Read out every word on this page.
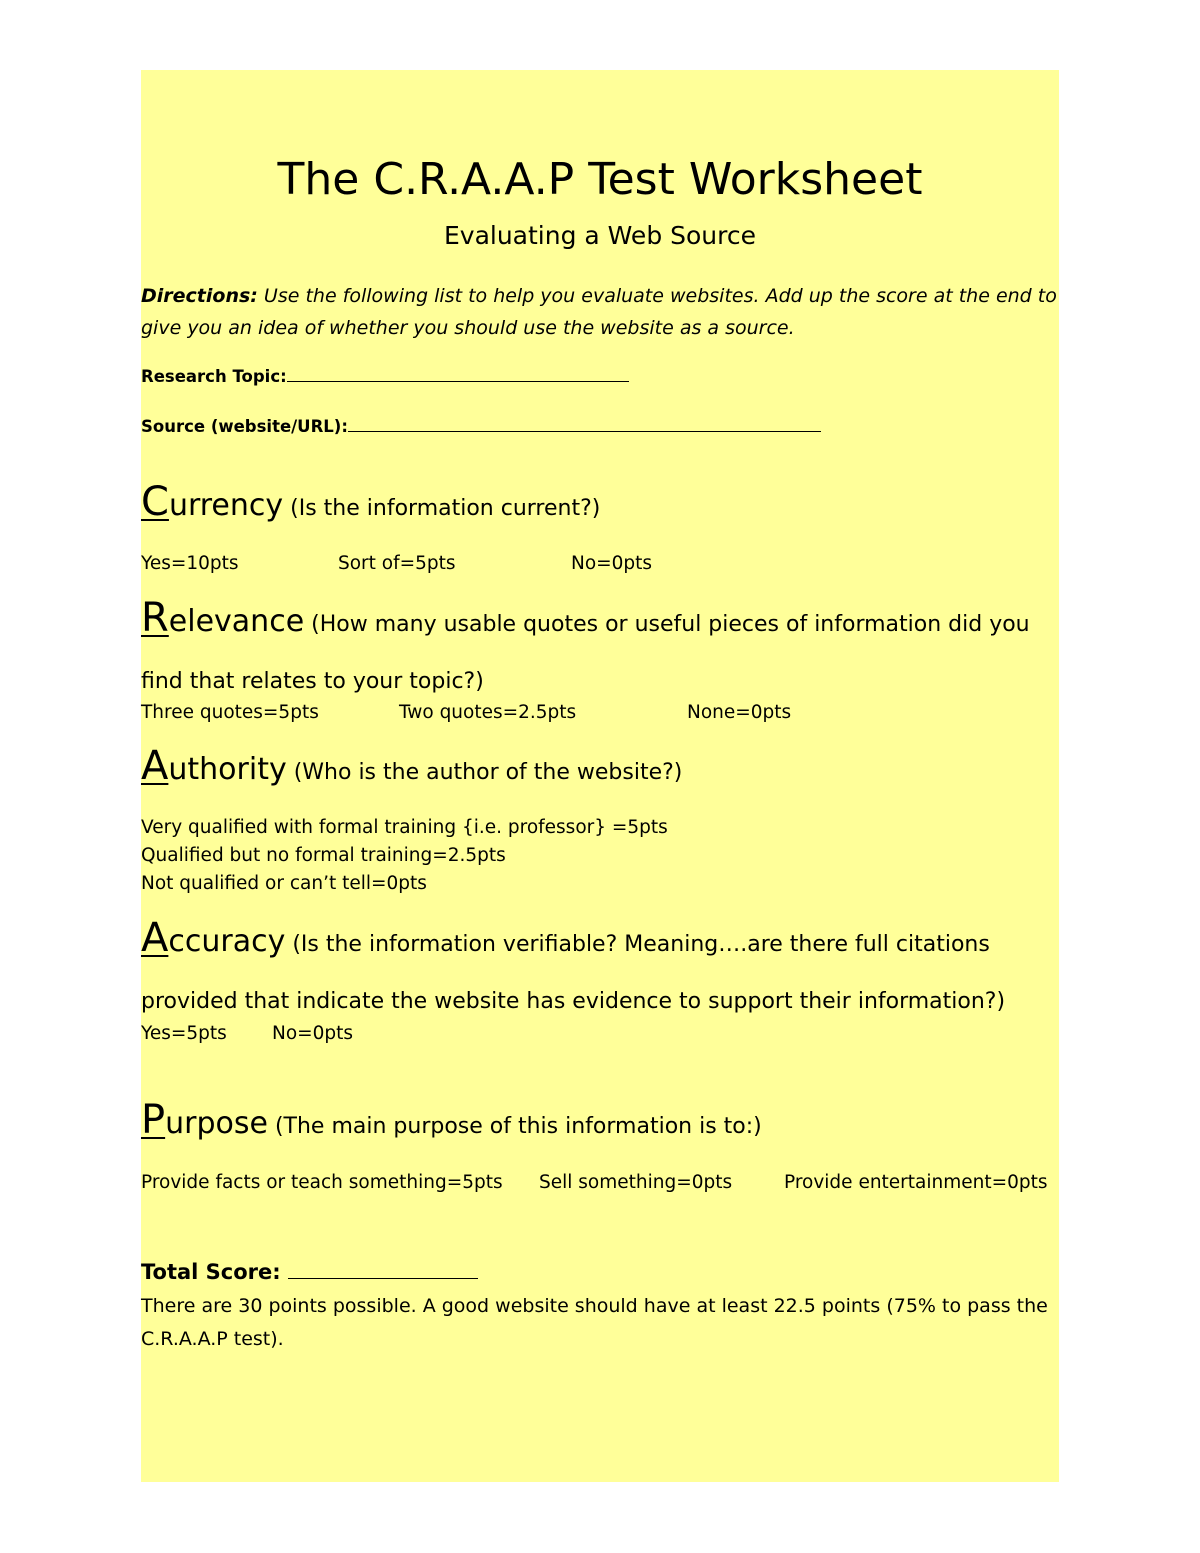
The C.R.A.A.P Test Worksheet
Evaluating a Web Source
Directions: Use the following list to help you evaluate websites. Add up the score at the end to give you an idea of whether you should use the website as a source.
Research Topic:
Source (website/URL):
Currency (Is the information current?)
Yes=10pts	Sort of=5pts	No=0pts
Relevance (How many usable quotes or useful pieces of information did you
find that relates to your topic?)
Three quotes=5pts	Two quotes=2.5pts	None=0pts
Authority (Who is the author of the website?)
Very qualified with formal training {i.e. professor} =5pts
Qualified but no formal training=2.5pts
Not qualified or can’t tell=0pts
Accuracy (Is the information verifiable? Meaning….are there full citations
provided that indicate the website has evidence to support their information?)
Yes=5pts No=0pts
Purpose (The main purpose of this information is to:)
Provide facts or teach something=5pts Sell something=0pts	Provide entertainment=0pts
Total Score:
There are 30 points possible. A good website should have at least 22.5 points (75% to pass the C.R.A.A.P test).
